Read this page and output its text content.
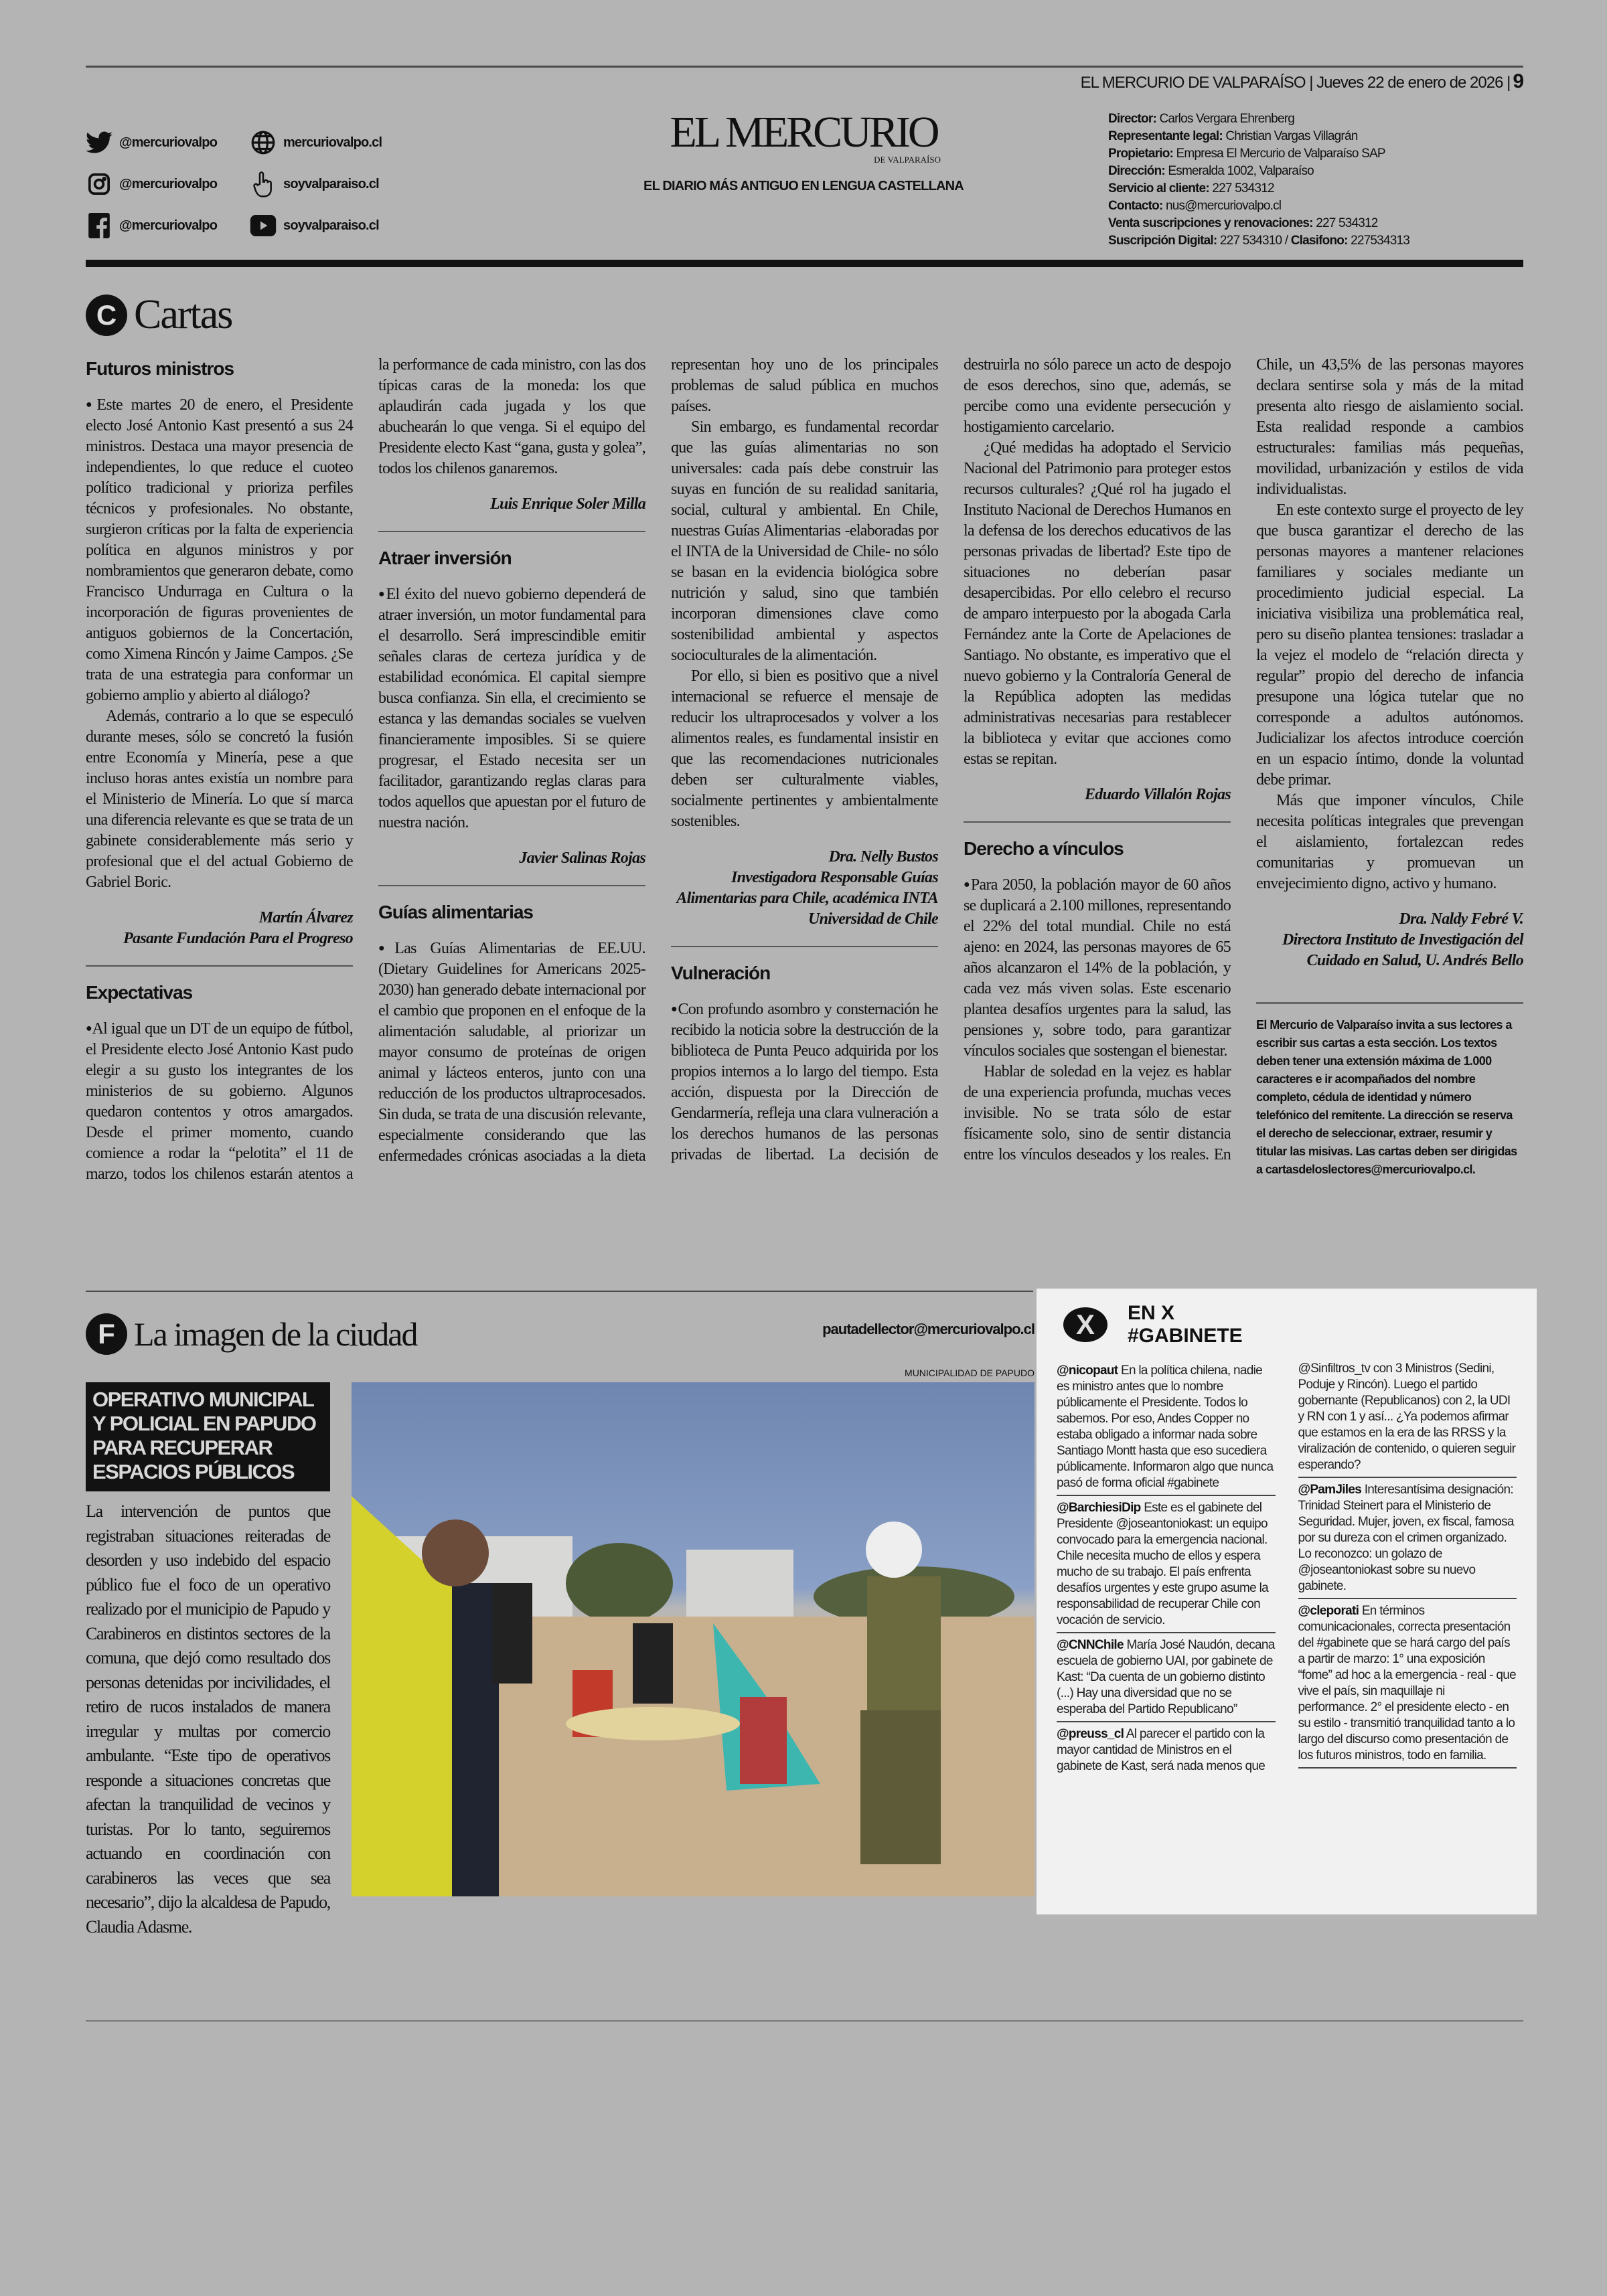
EL MERCURIO DE VALPARAÍSO | Jueves 22 de enero de 2026 | 9
@mercuriovalpo	mercuriovalpo.cl
@mercuriovalpo	soyvalparaiso.cl
@mercuriovalpo	soyvalparaiso.cl
EL MERCURIO
DE VALPARAÍSO
EL DIARIO MÁS ANTIGUO EN LENGUA CASTELLANA
Director: Carlos Vergara Ehrenberg
Representante legal: Christian Vargas Villagrán
Propietario: Empresa El Mercurio de Valparaíso SAP
Dirección: Esmeralda 1002, Valparaíso
Servicio al cliente: 227 534312
Contacto: nus@mercuriovalpo.cl
Venta suscripciones y renovaciones: 227 534312
Suscripción Digital: 227 534310 / Clasifono: 227534313
C Cartas
Futuros ministros

● Este martes 20 de enero, el Presidente electo José Antonio Kast presentó a sus 24 ministros. Destaca una mayor presencia de independientes, lo que reduce el cuoteo político tradicional y prioriza perfiles técnicos y profesionales. No obstante, surgieron críticas por la falta de experiencia política en algunos ministros y por nombramientos que generaron debate, como Francisco Undurraga en Cultura o la incorporación de figuras provenientes de antiguos gobiernos de la Concertación, como Ximena Rincón y Jaime Campos. ¿Se trata de una estrategia para conformar un gobierno amplio y abierto al diálogo?

Además, contrario a lo que se especuló durante meses, sólo se concretó la fusión entre Economía y Minería, pese a que incluso horas antes existía un nombre para el Ministerio de Minería. Lo que sí marca una diferencia relevante es que se trata de un gabinete considerablemente más serio y profesional que el del actual Gobierno de Gabriel Boric.

Martín Álvarez
Pasante Fundación Para el Progreso
Expectativas

● Al igual que un DT de un equipo de fútbol, el Presidente electo José Antonio Kast pudo elegir a su gusto los integrantes de los ministerios de su gobierno. Algunos quedaron contentos y otros amargados. Desde el primer momento, cuando comience a rodar la “pelotita” el 11 de marzo, todos los chilenos estarán atentos a la performance de cada ministro, con las dos típicas caras de la moneda: los que aplaudirán cada jugada y los que abuchearán lo que venga. Si el equipo del Presidente electo Kast “gana, gusta y golea”, todos los chilenos ganaremos.

Luis Enrique Soler Milla
Atraer inversión

● El éxito del nuevo gobierno dependerá de atraer inversión, un motor fundamental para el desarrollo. Será imprescindible emitir señales claras de certeza jurídica y de estabilidad económica. El capital siempre busca confianza. Sin ella, el crecimiento se estanca y las demandas sociales se vuelven financieramente imposibles. Si se quiere progresar, el Estado necesita ser un facilitador, garantizando reglas claras para todos aquellos que apuestan por el futuro de nuestra nación.

Javier Salinas Rojas
Guías alimentarias

● Las Guías Alimentarias de EE.UU. (Dietary Guidelines for Americans 2025-2030) han generado debate internacional por el cambio que proponen en el enfoque de la alimentación saludable, al priorizar un mayor consumo de proteínas de origen animal y lácteos enteros, junto con una reducción de los productos ultraprocesados. Sin duda, se trata de una discusión relevante, especialmente considerando que las enfermedades crónicas asociadas a la dieta representan hoy uno de los principales problemas de salud pública en muchos países.

Sin embargo, es fundamental recordar que las guías alimentarias no son universales: cada país debe construir las suyas en función de su realidad sanitaria, social, cultural y ambiental. En Chile, nuestras Guías Alimentarias -elaboradas por el INTA de la Universidad de Chile- no sólo se basan en la evidencia biológica sobre nutrición y salud, sino que también incorporan dimensiones clave como sostenibilidad ambiental y aspectos socioculturales de la alimentación.

Por ello, si bien es positivo que a nivel internacional se refuerce el mensaje de reducir los ultraprocesados y volver a los alimentos reales, es fundamental insistir en que las recomendaciones nutricionales deben ser culturalmente viables, socialmente pertinentes y ambientalmente sostenibles.

Dra. Nelly Bustos
Investigadora Responsable Guías Alimentarias para Chile, académica INTA Universidad de Chile
Vulneración

● Con profundo asombro y consternación he recibido la noticia sobre la destrucción de la biblioteca de Punta Peuco adquirida por los propios internos a lo largo del tiempo. Esta acción, dispuesta por la Dirección de Gendarmería, refleja una clara vulneración a los derechos humanos de las personas privadas de libertad. La decisión de destruirla no sólo parece un acto de despojo de esos derechos, sino que, además, se percibe como una evidente persecución y hostigamiento carcelario.

¿Qué medidas ha adoptado el Servicio Nacional del Patrimonio para proteger estos recursos culturales? ¿Qué rol ha jugado el Instituto Nacional de Derechos Humanos en la defensa de los derechos educativos de las personas privadas de libertad? Este tipo de situaciones no deberían pasar desapercibidas. Por ello celebro el recurso de amparo interpuesto por la abogada Carla Fernández ante la Corte de Apelaciones de Santiago. No obstante, es imperativo que el nuevo gobierno y la Contraloría General de la República adopten las medidas administrativas necesarias para restablecer la biblioteca y evitar que acciones como estas se repitan.

Eduardo Villalón Rojas
Derecho a vínculos

● Para 2050, la población mayor de 60 años se duplicará a 2.100 millones, representando el 22% del total mundial. Chile no está ajeno: en 2024, las personas mayores de 65 años alcanzaron el 14% de la población, y cada vez más viven solas. Este escenario plantea desafíos urgentes para la salud, las pensiones y, sobre todo, para garantizar vínculos sociales que sostengan el bienestar.

Hablar de soledad en la vejez es hablar de una experiencia profunda, muchas veces invisible. No se trata sólo de estar físicamente solo, sino de sentir distancia entre los vínculos deseados y los reales. En Chile, un 43,5% de las personas mayores declara sentirse sola y más de la mitad presenta alto riesgo de aislamiento social. Esta realidad responde a cambios estructurales: familias más pequeñas, movilidad, urbanización y estilos de vida individualistas.

En este contexto surge el proyecto de ley que busca garantizar el derecho de las personas mayores a mantener relaciones familiares y sociales mediante un procedimiento judicial especial. La iniciativa visibiliza una problemática real, pero su diseño plantea tensiones: trasladar a la vejez el modelo de “relación directa y regular” propio del derecho de infancia presupone una lógica tutelar que no corresponde a adultos autónomos. Judicializar los afectos introduce coerción en un espacio íntimo, donde la voluntad debe primar.

Más que imponer vínculos, Chile necesita políticas integrales que prevengan el aislamiento, fortalezcan redes comunitarias y promuevan un envejecimiento digno, activo y humano.

Dra. Naldy Febré V.
Directora Instituto de Investigación del Cuidado en Salud, U. Andrés Bello
El Mercurio de Valparaíso invita a sus lectores a escribir sus cartas a esta sección. Los textos deben tener una extensión máxima de 1.000 caracteres e ir acompañados del nombre completo, cédula de identidad y número telefónico del remitente. La dirección se reserva el derecho de seleccionar, extraer, resumir y titular las misivas. Las cartas deben ser dirigidas a cartasdeloslectores@mercuriovalpo.cl.
F La imagen de la ciudad	pautadellector@mercuriovalpo.cl
MUNICIPALIDAD DE PAPUDO
OPERATIVO MUNICIPAL Y POLICIAL EN PAPUDO PARA RECUPERAR ESPACIOS PÚBLICOS
La intervención de puntos que registraban situaciones reiteradas de desorden y uso indebido del espacio público fue el foco de un operativo realizado por el municipio de Papudo y Carabineros en distintos sectores de la comuna, que dejó como resultado dos personas detenidas por incivilidades, el retiro de rucos instalados de manera irregular y multas por comercio ambulante. “Este tipo de operativos responde a situaciones concretas que afectan la tranquilidad de vecinos y turistas. Por lo tanto, seguiremos actuando en coordinación con carabineros las veces que sea necesario”, dijo la alcaldesa de Papudo, Claudia Adasme.
X	EN X
#GABINETE
@nicopaut En la política chilena, nadie es ministro antes que lo nombre públicamente el Presidente. Todos lo sabemos. Por eso, Andes Copper no estaba obligado a informar nada sobre Santiago Montt hasta que eso sucediera públicamente. Informaron algo que nunca pasó de forma oficial #gabinete
@BarchiesiDip Este es el gabinete del Presidente @joseantoniokast: un equipo convocado para la emergencia nacional. Chile necesita mucho de ellos y espera mucho de su trabajo. El país enfrenta desafíos urgentes y este grupo asume la responsabilidad de recuperar Chile con vocación de servicio.
@CNNChile María José Naudón, decana escuela de gobierno UAI, por gabinete de Kast: “Da cuenta de un gobierno distinto (...) Hay una diversidad que no se esperaba del Partido Republicano”
@preuss_cl Al parecer el partido con la mayor cantidad de Ministros en el gabinete de Kast, será nada menos que @Sinfiltros_tv con 3 Ministros (Sedini, Poduje y Rincón). Luego el partido gobernante (Republicanos) con 2, la UDI y RN con 1 y así... ¿Ya podemos afirmar que estamos en la era de las RRSS y la viralización de contenido, o quieren seguir esperando?
@PamJiles Interesantísima designación: Trinidad Steinert para el Ministerio de Seguridad. Mujer, joven, ex fiscal, famosa por su dureza con el crimen organizado. Lo reconozco: un golazo de @joseantoniokast sobre su nuevo gabinete.
@cleporati En términos comunicacionales, correcta presentación del #gabinete que se hará cargo del país a partir de marzo: 1° una exposición “fome” ad hoc a la emergencia - real - que vive el país, sin maquillaje ni performance. 2° el presidente electo - en su estilo - transmitió tranquilidad tanto a lo largo del discurso como presentación de los futuros ministros, todo en familia.
